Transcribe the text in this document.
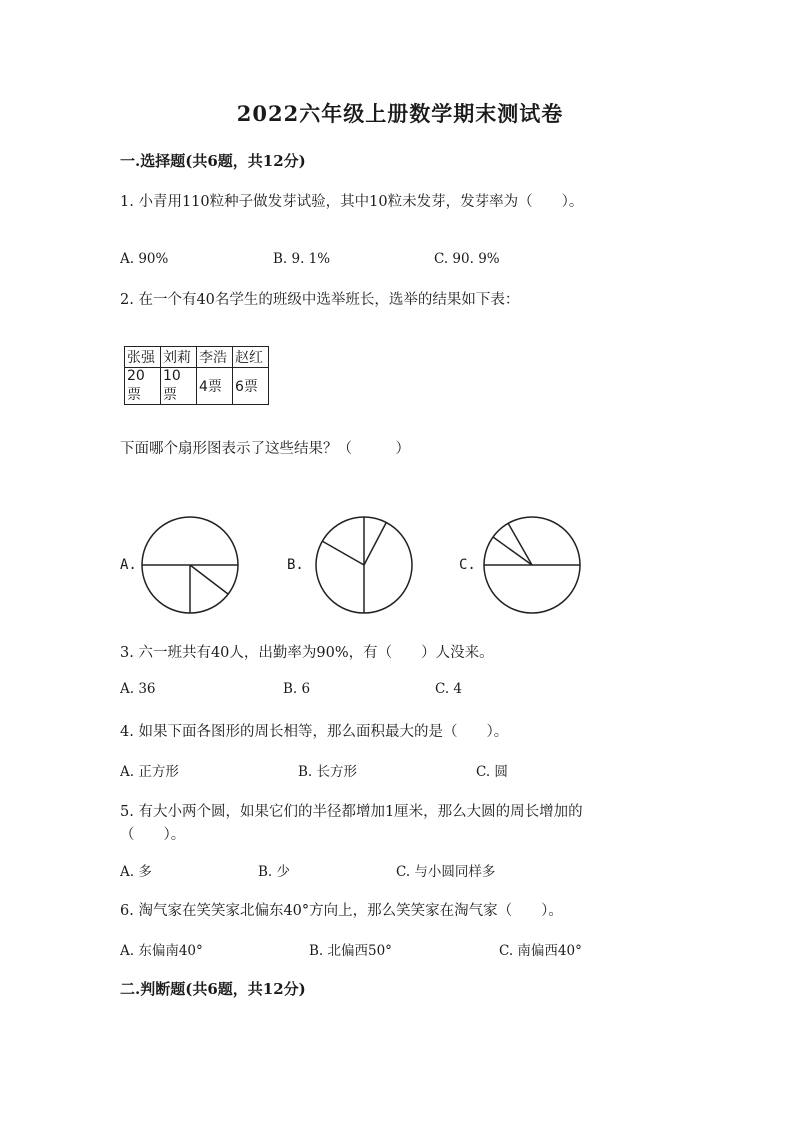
2022六年级上册数学期末测试卷
一.选择题(共6题，共12分)
1. 小青用110粒种子做发芽试验，其中10粒未发芽，发芽率为（　　）。
A. 90%	B. 9. 1%	C. 90. 9%
2. 在一个有40名学生的班级中选举班长，选举的结果如下表：
张强	刘莉	李浩	赵红
20票	10票	4票	6票
下面哪个扇形图表示了这些结果？（　　　）
A.	B.	C.
3. 六一班共有40人，出勤率为90%，有（　　）人没来。
A. 36	B. 6	C. 4
4. 如果下面各图形的周长相等，那么面积最大的是（　　）。
A. 正方形	B. 长方形	C. 圆
5. 有大小两个圆，如果它们的半径都增加1厘米，那么大圆的周长增加的
（　　）。
A. 多	B. 少	C. 与小圆同样多
6. 淘气家在笑笑家北偏东40°方向上，那么笑笑家在淘气家（　　）。
A. 东偏南40°	B. 北偏西50°	C. 南偏西40°
二.判断题(共6题，共12分)
